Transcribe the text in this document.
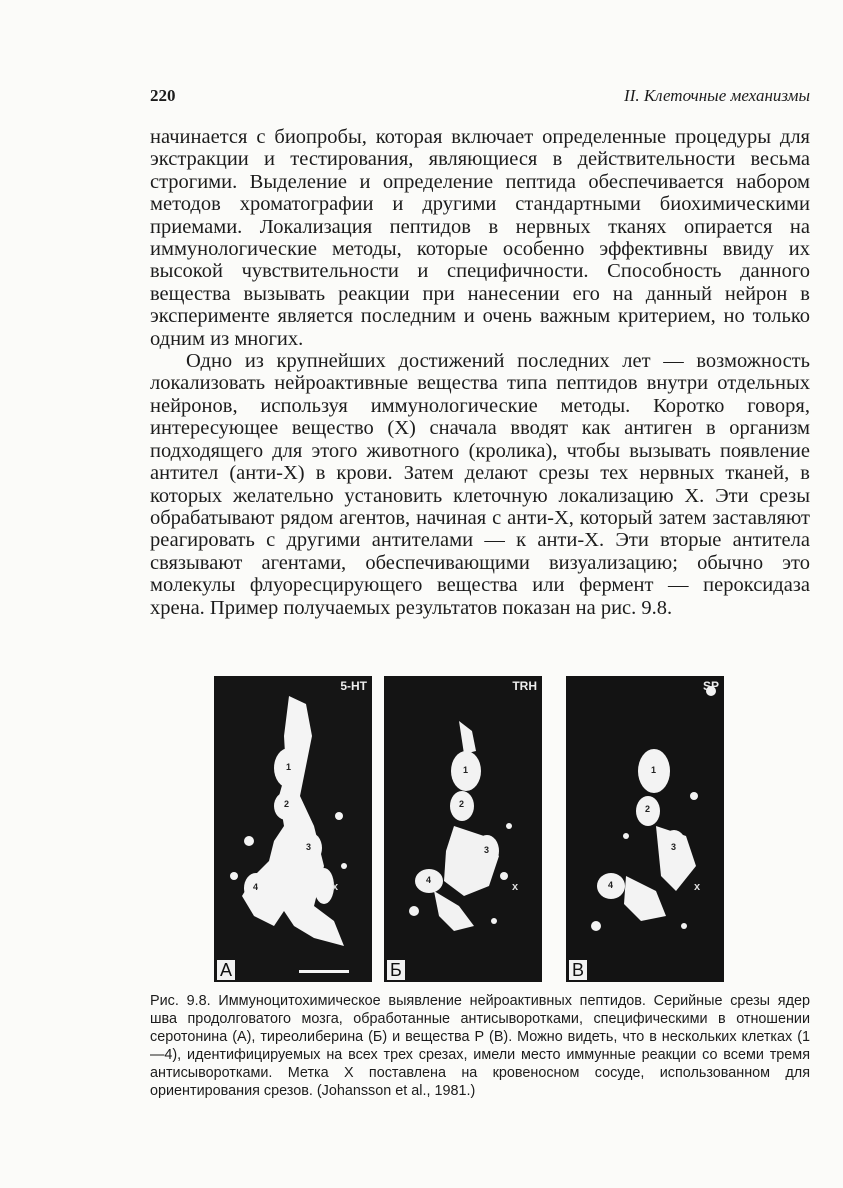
220	II. Клеточные механизмы

начинается с биопробы, которая включает определенные процедуры для экстракции и тестирования, являющиеся в действительности весьма строгими. Выделение и определение пептида обеспечивается набором методов хроматографии и другими стандартными биохимическими приемами. Локализация пептидов в нервных тканях опирается на иммунологические методы, которые особенно эффективны ввиду их высокой чувствительности и специфичности. Способность данного вещества вызывать реакции при нанесении его на данный нейрон в эксперименте является последним и очень важным критерием, но только одним из многих.

Одно из крупнейших достижений последних лет — возможность локализовать нейроактивные вещества типа пептидов внутри отдельных нейронов, используя иммунологические методы. Коротко говоря, интересующее вещество (X) сначала вводят как антиген в организм подходящего для этого животного (кролика), чтобы вызывать появление антител (анти-Х) в крови. Затем делают срезы тех нервных тканей, в которых желательно установить клеточную локализацию X. Эти срезы обрабатывают рядом агентов, начиная с анти-Х, который затем заставляют реагировать с другими антителами — к анти-Х. Эти вторые антитела связывают агентами, обеспечивающими визуализацию; обычно это молекулы флуоресцирующего вещества или фермент — пероксидаза хрена. Пример получаемых результатов показан на рис. 9.8.

5-HT
1
2
3
4	x
А
TRH
1
2
3
4
x
Б
SP
1
2
3
4	x
В
Рис. 9.8. Иммуноцитохимическое выявление нейроактивных пептидов. Серийные срезы ядер шва продолговатого мозга, обработанные антисыворотками, специфическими в отношении серотонина (А), тиреолиберина (Б) и вещества Р (В). Можно видеть, что в нескольких клетках (1—4), идентифицируемых на всех трех срезах, имели место иммунные реакции со всеми тремя антисыворотками. Метка X поставлена на кровеносном сосуде, использованном для ориентирования срезов. (Johansson et al., 1981.)
